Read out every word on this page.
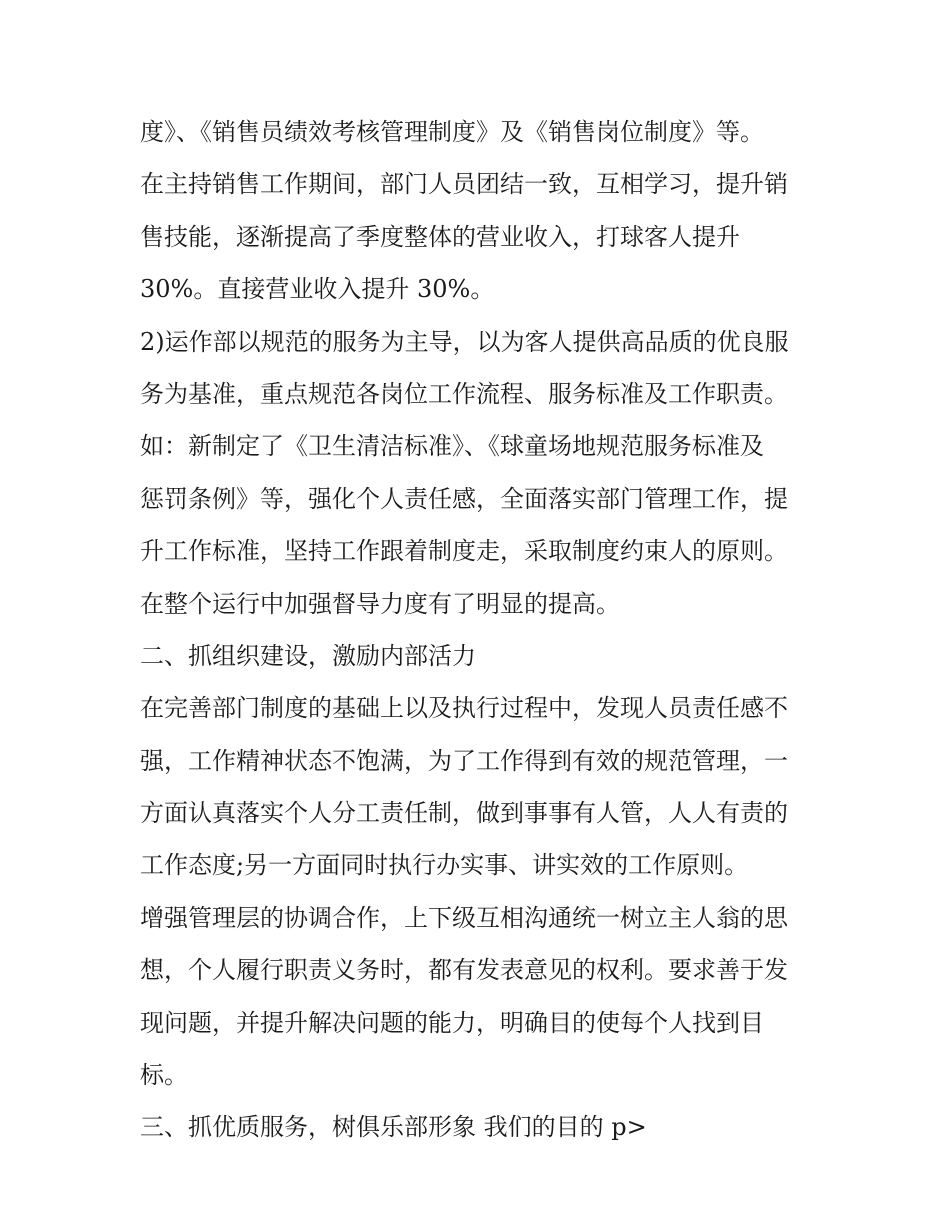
度》、《销售员绩效考核管理制度》及《销售岗位制度》等。
在主持销售工作期间，部门人员团结一致，互相学习，提升销
售技能，逐渐提高了季度整体的营业收入，打球客人提升
30%。直接营业收入提升 30%。
2)运作部以规范的服务为主导，以为客人提供高品质的优良服
务为基准，重点规范各岗位工作流程、服务标准及工作职责。
如：新制定了《卫生清洁标准》、《球童场地规范服务标准及
惩罚条例》等，强化个人责任感，全面落实部门管理工作，提
升工作标准，坚持工作跟着制度走，采取制度约束人的原则。
在整个运行中加强督导力度有了明显的提高。
二、抓组织建设，激励内部活力
在完善部门制度的基础上以及执行过程中，发现人员责任感不
强，工作精神状态不饱满，为了工作得到有效的规范管理，一
方面认真落实个人分工责任制，做到事事有人管，人人有责的
工作态度;另一方面同时执行办实事、讲实效的工作原则。
增强管理层的协调合作，上下级互相沟通统一树立主人翁的思
想，个人履行职责义务时，都有发表意见的权利。要求善于发
现问题，并提升解决问题的能力，明确目的使每个人找到目
标。
三、抓优质服务，树俱乐部形象 我们的目的 p>
